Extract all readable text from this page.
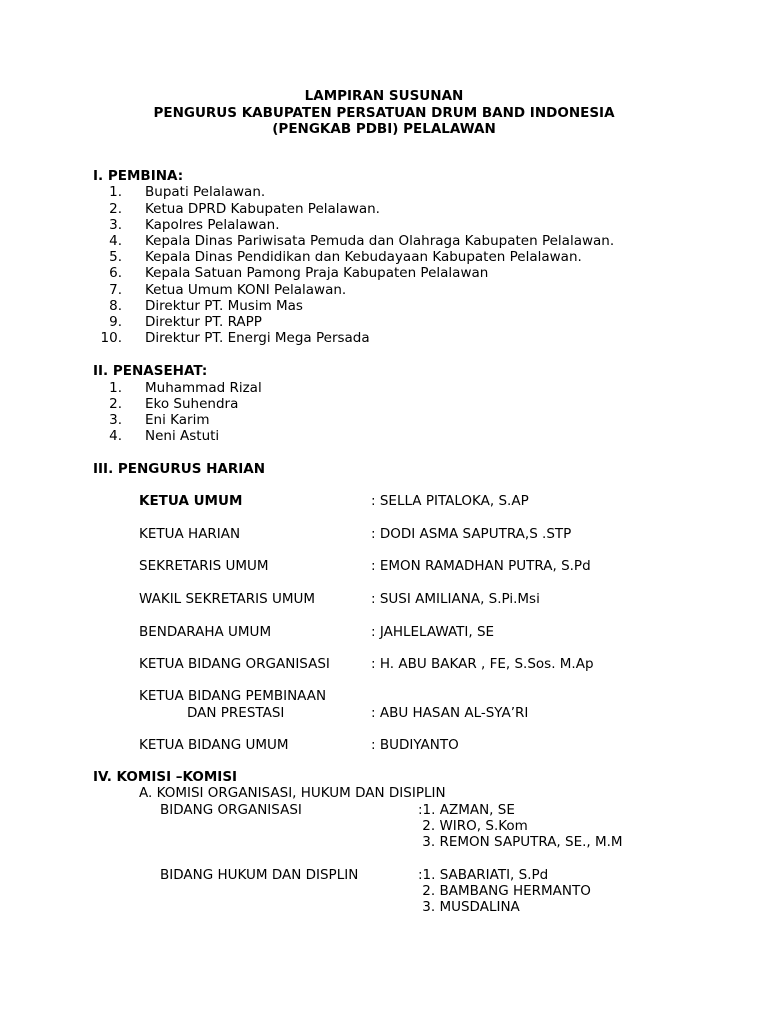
LAMPIRAN SUSUNAN
PENGURUS KABUPATEN PERSATUAN DRUM BAND INDONESIA
(PENGKAB PDBI) PELALAWAN
I. PEMBINA:
1. Bupati Pelalawan.
2. Ketua DPRD Kabupaten Pelalawan.
3. Kapolres Pelalawan.
4. Kepala Dinas Pariwisata Pemuda dan Olahraga Kabupaten Pelalawan.
5. Kepala Dinas Pendidikan dan Kebudayaan Kabupaten Pelalawan.
6. Kepala Satuan Pamong Praja Kabupaten Pelalawan
7. Ketua Umum KONI Pelalawan.
8. Direktur PT. Musim Mas
9. Direktur PT. RAPP
10. Direktur PT. Energi Mega Persada
II. PENASEHAT:
1. Muhammad Rizal
2. Eko Suhendra
3. Eni Karim
4. Neni Astuti
III. PENGURUS HARIAN
KETUA UMUM	: SELLA PITALOKA, S.AP
KETUA HARIAN	: DODI ASMA SAPUTRA,S .STP
SEKRETARIS UMUM	: EMON RAMADHAN PUTRA, S.Pd
WAKIL SEKRETARIS UMUM	: SUSI AMILIANA, S.Pi.Msi
BENDARAHA UMUM	: JAHLELAWATI, SE
KETUA BIDANG ORGANISASI	: H. ABU BAKAR , FE, S.Sos. M.Ap
KETUA BIDANG PEMBINAAN
DAN PRESTASI	: ABU HASAN AL-SYA’RI
KETUA BIDANG UMUM	: BUDIYANTO
IV. KOMISI –KOMISI
A. KOMISI ORGANISASI, HUKUM DAN DISIPLIN
BIDANG ORGANISASI	:1. AZMAN, SE
2. WIRO, S.Kom
3. REMON SAPUTRA, SE., M.M
BIDANG HUKUM DAN DISPLIN	:1. SABARIATI, S.Pd
2. BAMBANG HERMANTO
3. MUSDALINA
